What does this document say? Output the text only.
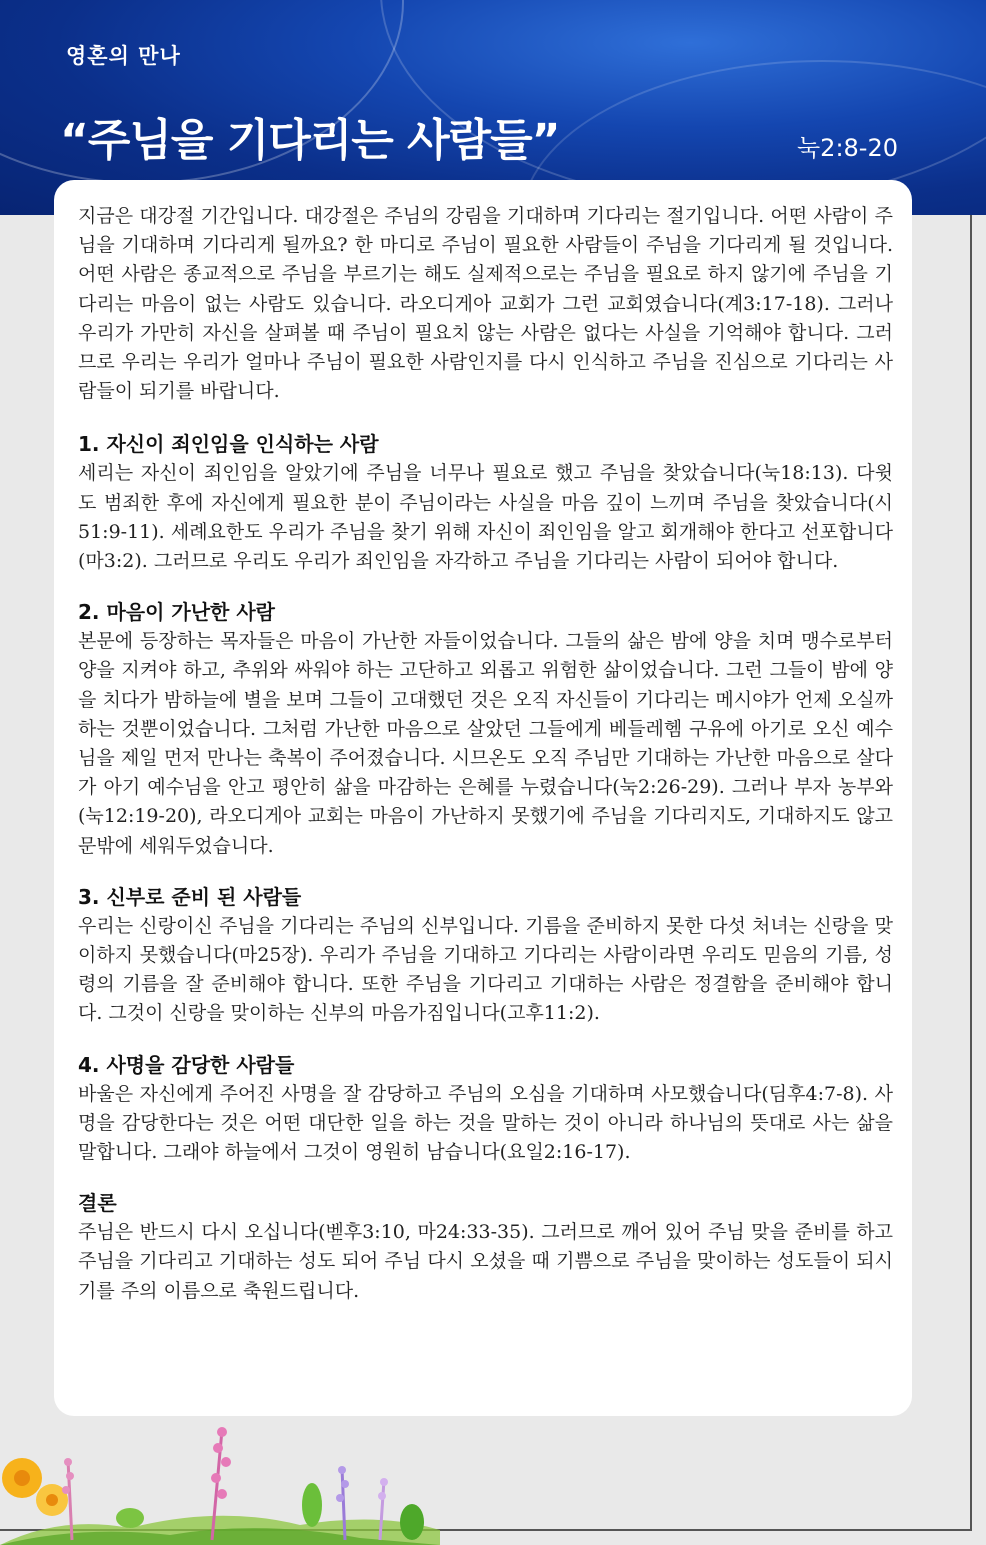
영혼의 만나
“주님을 기다리는 사람들”	눅2:8-20

지금은 대강절 기간입니다. 대강절은 주님의 강림을 기대하며 기다리는 절기입니다. 어떤 사람이 주님을 기대하며 기다리게 될까요? 한 마디로 주님이 필요한 사람들이 주님을 기다리게 될 것입니다. 어떤 사람은 종교적으로 주님을 부르기는 해도 실제적으로는 주님을 필요로 하지 않기에 주님을 기다리는 마음이 없는 사람도 있습니다. 라오디게아 교회가 그런 교회였습니다(계3:17-18). 그러나 우리가 가만히 자신을 살펴볼 때 주님이 필요치 않는 사람은 없다는 사실을 기억해야 합니다. 그러므로 우리는 우리가 얼마나 주님이 필요한 사람인지를 다시 인식하고 주님을 진심으로 기다리는 사람들이 되기를 바랍니다.

1. 자신이 죄인임을 인식하는 사람

세리는 자신이 죄인임을 알았기에 주님을 너무나 필요로 했고 주님을 찾았습니다(눅18:13). 다윗도 범죄한 후에 자신에게 필요한 분이 주님이라는 사실을 마음 깊이 느끼며 주님을 찾았습니다(시51:9-11). 세례요한도 우리가 주님을 찾기 위해 자신이 죄인임을 알고 회개해야 한다고 선포합니다(마3:2). 그러므로 우리도 우리가 죄인임을 자각하고 주님을 기다리는 사람이 되어야 합니다.

2. 마음이 가난한 사람

본문에 등장하는 목자들은 마음이 가난한 자들이었습니다. 그들의 삶은 밤에 양을 치며 맹수로부터 양을 지켜야 하고, 추위와 싸워야 하는 고단하고 외롭고 위험한 삶이었습니다. 그런 그들이 밤에 양을 치다가 밤하늘에 별을 보며 그들이 고대했던 것은 오직 자신들이 기다리는 메시야가 언제 오실까 하는 것뿐이었습니다. 그처럼 가난한 마음으로 살았던 그들에게 베들레헴 구유에 아기로 오신 예수님을 제일 먼저 만나는 축복이 주어졌습니다. 시므온도 오직 주님만 기대하는 가난한 마음으로 살다가 아기 예수님을 안고 평안히 삶을 마감하는 은혜를 누렸습니다(눅2:26-29). 그러나 부자 농부와(눅12:19-20), 라오디게아 교회는 마음이 가난하지 못했기에 주님을 기다리지도, 기대하지도 않고 문밖에 세워두었습니다.

3. 신부로 준비 된 사람들

우리는 신랑이신 주님을 기다리는 주님의 신부입니다. 기름을 준비하지 못한 다섯 처녀는 신랑을 맞이하지 못했습니다(마25장). 우리가 주님을 기대하고 기다리는 사람이라면 우리도 믿음의 기름, 성령의 기름을 잘 준비해야 합니다. 또한 주님을 기다리고 기대하는 사람은 정결함을 준비해야 합니다. 그것이 신랑을 맞이하는 신부의 마음가짐입니다(고후11:2).

4. 사명을 감당한 사람들

바울은 자신에게 주어진 사명을 잘 감당하고 주님의 오심을 기대하며 사모했습니다(딤후4:7-8). 사명을 감당한다는 것은 어떤 대단한 일을 하는 것을 말하는 것이 아니라 하나님의 뜻대로 사는 삶을 말합니다. 그래야 하늘에서 그것이 영원히 남습니다(요일2:16-17).

결론

주님은 반드시 다시 오십니다(벧후3:10, 마24:33-35). 그러므로 깨어 있어 주님 맞을 준비를 하고 주님을 기다리고 기대하는 성도 되어 주님 다시 오셨을 때 기쁨으로 주님을 맞이하는 성도들이 되시기를 주의 이름으로 축원드립니다.
